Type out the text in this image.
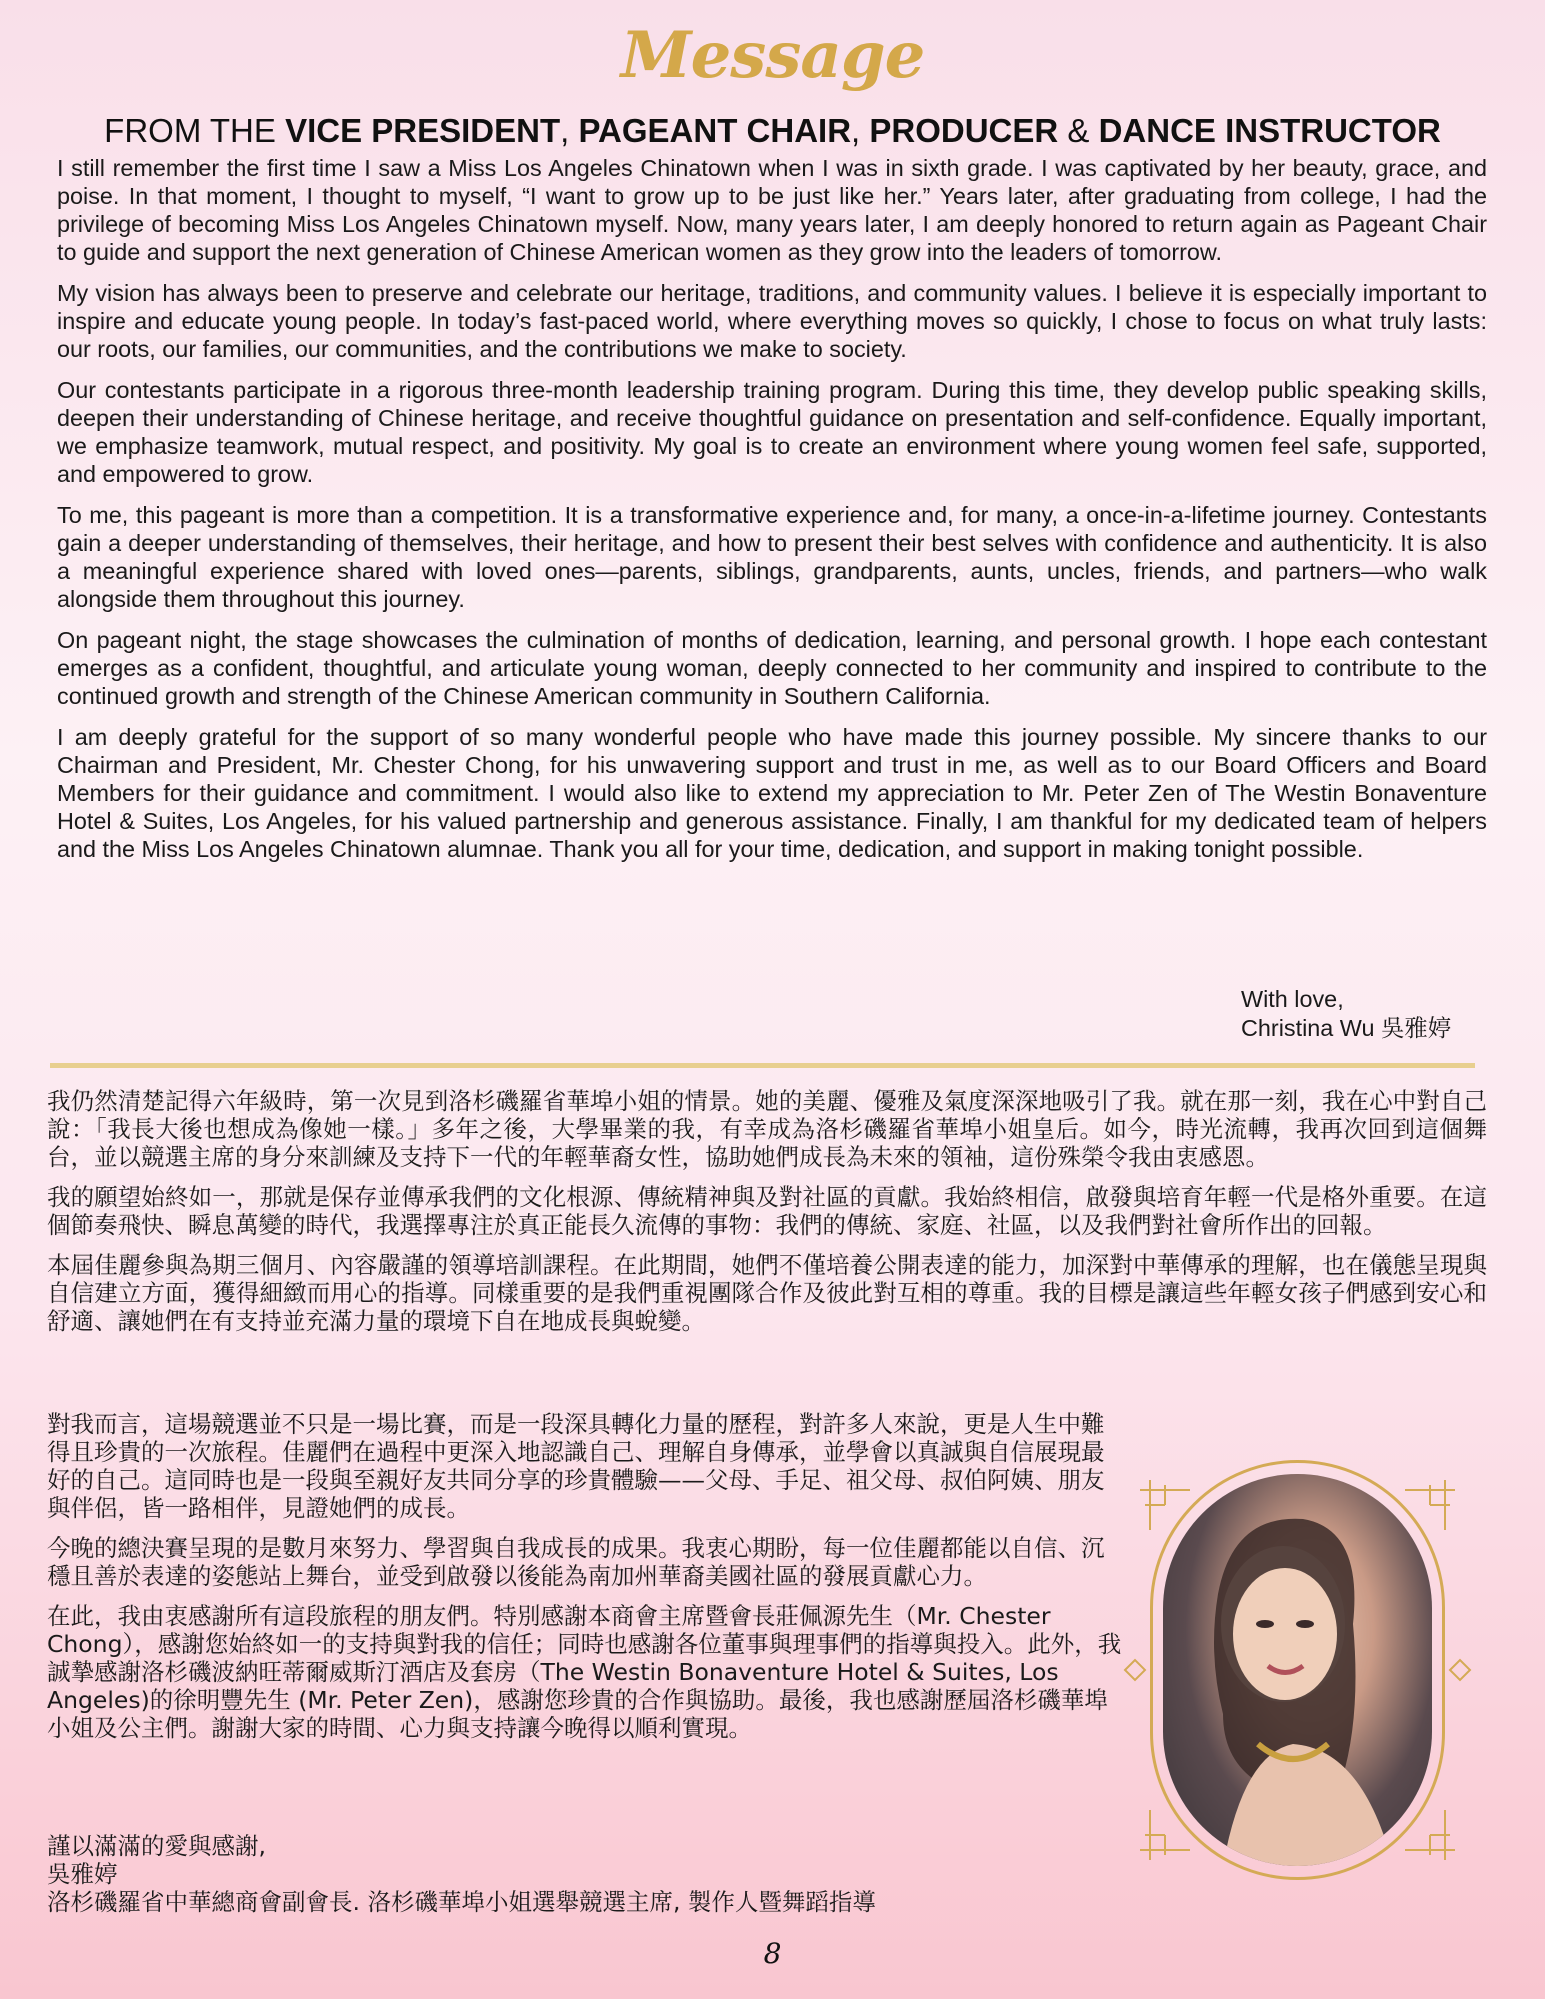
Message
FROM THE VICE PRESIDENT, PAGEANT CHAIR, PRODUCER & DANCE INSTRUCTOR

I still remember the first time I saw a Miss Los Angeles Chinatown when I was in sixth grade. I was captivated by her beauty, grace, and poise. In that moment, I thought to myself, “I want to grow up to be just like her.” Years later, after graduating from college, I had the privilege of becoming Miss Los Angeles Chinatown myself. Now, many years later, I am deeply honored to return again as Pageant Chair to guide and support the next generation of Chinese American women as they grow into the leaders of tomorrow.

My vision has always been to preserve and celebrate our heritage, traditions, and community values. I believe it is especially important to inspire and educate young people. In today’s fast-paced world, where everything moves so quickly, I chose to focus on what truly lasts: our roots, our families, our communities, and the contributions we make to society.

Our contestants participate in a rigorous three-month leadership training program. During this time, they develop public speaking skills, deepen their understanding of Chinese heritage, and receive thoughtful guidance on presentation and self-confidence. Equally important, we emphasize teamwork, mutual respect, and positivity. My goal is to create an environment where young women feel safe, supported, and empowered to grow.

To me, this pageant is more than a competition. It is a transformative experience and, for many, a once-in-a-lifetime journey. Contestants gain a deeper understanding of themselves, their heritage, and how to present their best selves with confidence and authenticity. It is also a meaningful experience shared with loved ones—parents, siblings, grandparents, aunts, uncles, friends, and partners—who walk alongside them throughout this journey.

On pageant night, the stage showcases the culmination of months of dedication, learning, and personal growth. I hope each contestant emerges as a confident, thoughtful, and articulate young woman, deeply connected to her community and inspired to contribute to the continued growth and strength of the Chinese American community in Southern California.

I am deeply grateful for the support of so many wonderful people who have made this journey possible. My sincere thanks to our Chairman and President, Mr. Chester Chong, for his unwavering support and trust in me, as well as to our Board Officers and Board Members for their guidance and commitment. I would also like to extend my appreciation to Mr. Peter Zen of The Westin Bonaventure Hotel & Suites, Los Angeles, for his valued partnership and generous assistance. Finally, I am thankful for my dedicated team of helpers and the Miss Los Angeles Chinatown alumnae. Thank you all for your time, dedication, and support in making tonight possible.

With love,
Christina Wu 吳雅婷

我仍然清楚記得六年級時，第一次見到洛杉磯羅省華埠小姐的情景。她的美麗、優雅及氣度深深地吸引了我。就在那一刻，我在心中對自己說：「我長大後也想成為像她一樣。」多年之後，大學畢業的我，有幸成為洛杉磯羅省華埠小姐皇后。如今，時光流轉，我再次回到這個舞台，並以競選主席的身分來訓練及支持下一代的年輕華裔女性，協助她們成長為未來的領袖，這份殊榮令我由衷感恩。

我的願望始終如一，那就是保存並傳承我們的文化根源、傳統精神與及對社區的貢獻。我始終相信，啟發與培育年輕一代是格外重要。在這個節奏飛快、瞬息萬變的時代，我選擇專注於真正能長久流傳的事物：我們的傳統、家庭、社區，以及我們對社會所作出的回報。

本屆佳麗參與為期三個月、內容嚴謹的領導培訓課程。在此期間，她們不僅培養公開表達的能力，加深對中華傳承的理解，也在儀態呈現與自信建立方面，獲得細緻而用心的指導。同樣重要的是我們重視團隊合作及彼此對互相的尊重。我的目標是讓這些年輕女孩子們感到安心和舒適、讓她們在有支持並充滿力量的環境下自在地成長與蛻變。

對我而言，這場競選並不只是一場比賽，而是一段深具轉化力量的歷程，對許多人來說，更是人生中難得且珍貴的一次旅程。佳麗們在過程中更深入地認識自己、理解自身傳承，並學會以真誠與自信展現最好的自己。這同時也是一段與至親好友共同分享的珍貴體驗——父母、手足、祖父母、叔伯阿姨、朋友與伴侶，皆一路相伴，見證她們的成長。

今晚的總決賽呈現的是數月來努力、學習與自我成長的成果。我衷心期盼，每一位佳麗都能以自信、沉穩且善於表達的姿態站上舞台，並受到啟發以後能為南加州華裔美國社區的發展貢獻心力。

在此，我由衷感謝所有這段旅程的朋友們。特別感謝本商會主席暨會長莊佩源先生（Mr. Chester Chong），感謝您始終如一的支持與對我的信任；同時也感謝各位董事與理事們的指導與投入。此外，我誠摯感謝洛杉磯波納旺蒂爾威斯汀酒店及套房（The Westin Bonaventure Hotel & Suites, Los Angeles)的徐明豐先生 (Mr. Peter Zen)，感謝您珍貴的合作與協助。最後，我也感謝歷屆洛杉磯華埠小姐及公主們。謝謝大家的時間、心力與支持讓今晚得以順利實現。

謹以滿滿的愛與感謝,
吳雅婷
洛杉磯羅省中華總商會副會長. 洛杉磯華埠小姐選舉競選主席, 製作人暨舞蹈指導
8
